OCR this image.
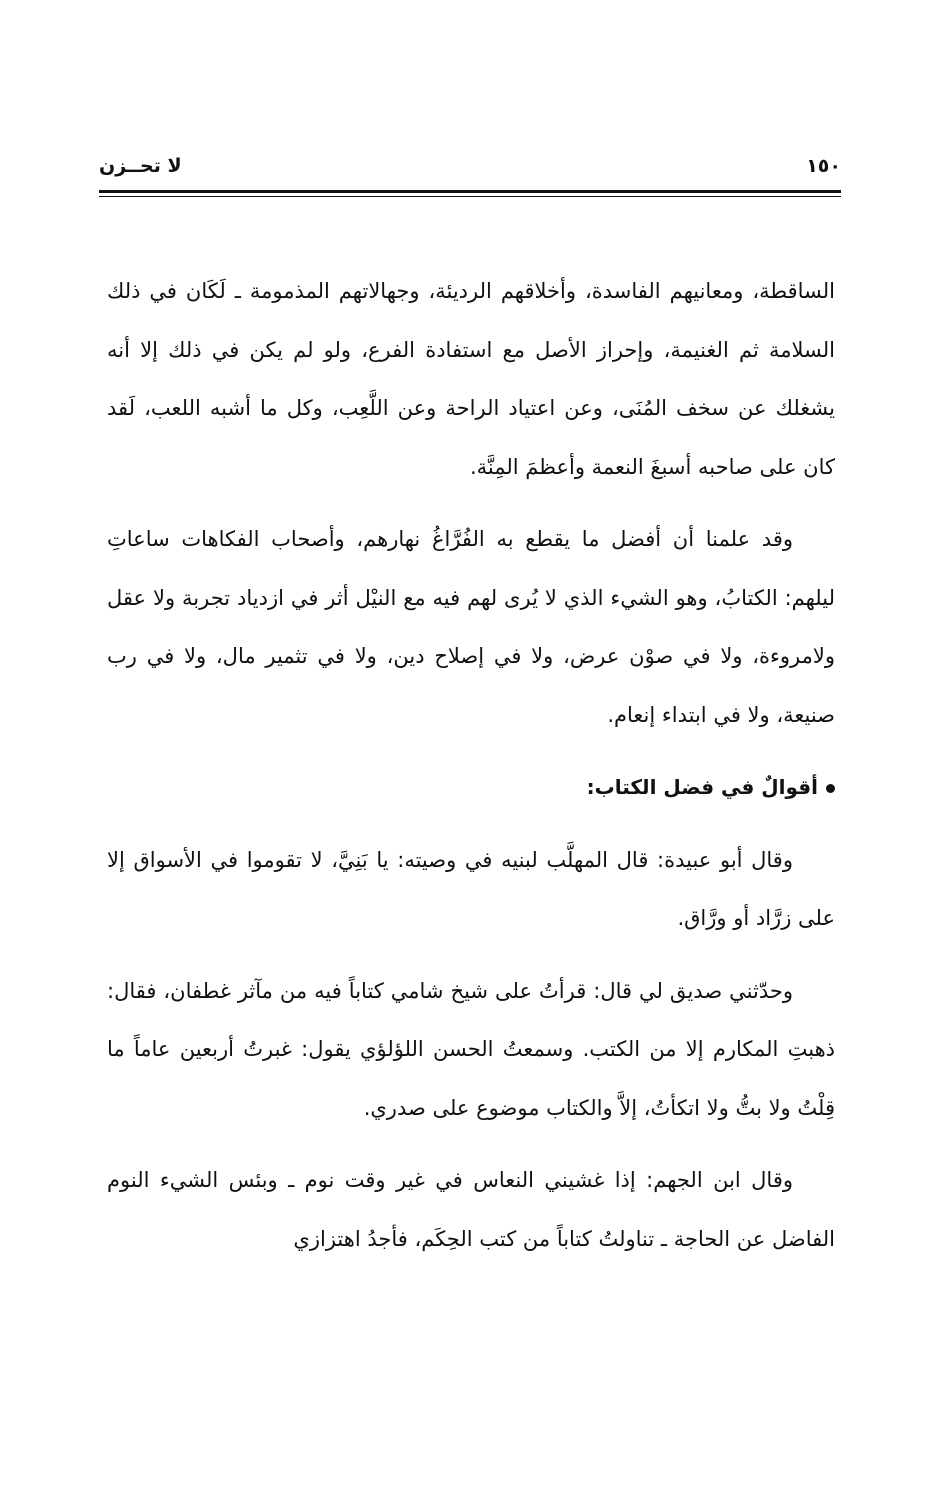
لا تحــزن	١٥٠

الساقطة، ومعانيهم الفاسدة، وأخلاقهم الرديئة، وجهالاتهم المذمومة ـ لَكَان في ذلك السلامة ثم الغنيمة، وإحراز الأصل مع استفادة الفرع، ولو لم يكن في ذلك إلا أنه يشغلك عن سخف المُنَى، وعن اعتياد الراحة وعن اللَّعِب، وكل ما أشبه اللعب، لَقد كان على صاحبه أسبغَ النعمة وأعظمَ المِنَّة.

وقد علمنا أن أفضل ما يقطع به الفُرَّاغُ نهارهم، وأصحاب الفكاهات ساعاتِ ليلهم: الكتابُ، وهو الشيء الذي لا يُرى لهم فيه مع النيْل أثر في ازدياد تجربة ولا عقل ولامروءة، ولا في صوْن عرض، ولا في إصلاح دين، ولا في تثمير مال، ولا في رب صنيعة، ولا في ابتداء إنعام.

أقوالٌ في فضل الكتاب:

وقال أبو عبيدة: قال المهلَّب لبنيه في وصيته: يا بَنِيَّ، لا تقوموا في الأسواق إلا على زرَّاد أو ورَّاق.

وحدّثني صديق لي قال: قرأتُ على شيخ شامي كتاباً فيه من مآثر غطفان، فقال: ذهبتِ المكارم إلا من الكتب. وسمعتُ الحسن اللؤلؤي يقول: غبرتُ أربعين عاماً ما قِلْتُ ولا بتُّ ولا اتكأتُ، إلاَّ والكتاب موضوع على صدري.

وقال ابن الجهم: إذا غشيني النعاس في غير وقت نوم ـ وبئس الشيء النوم الفاضل عن الحاجة ـ تناولتُ كتاباً من كتب الحِكَم، فأجدُ اهتزازي
